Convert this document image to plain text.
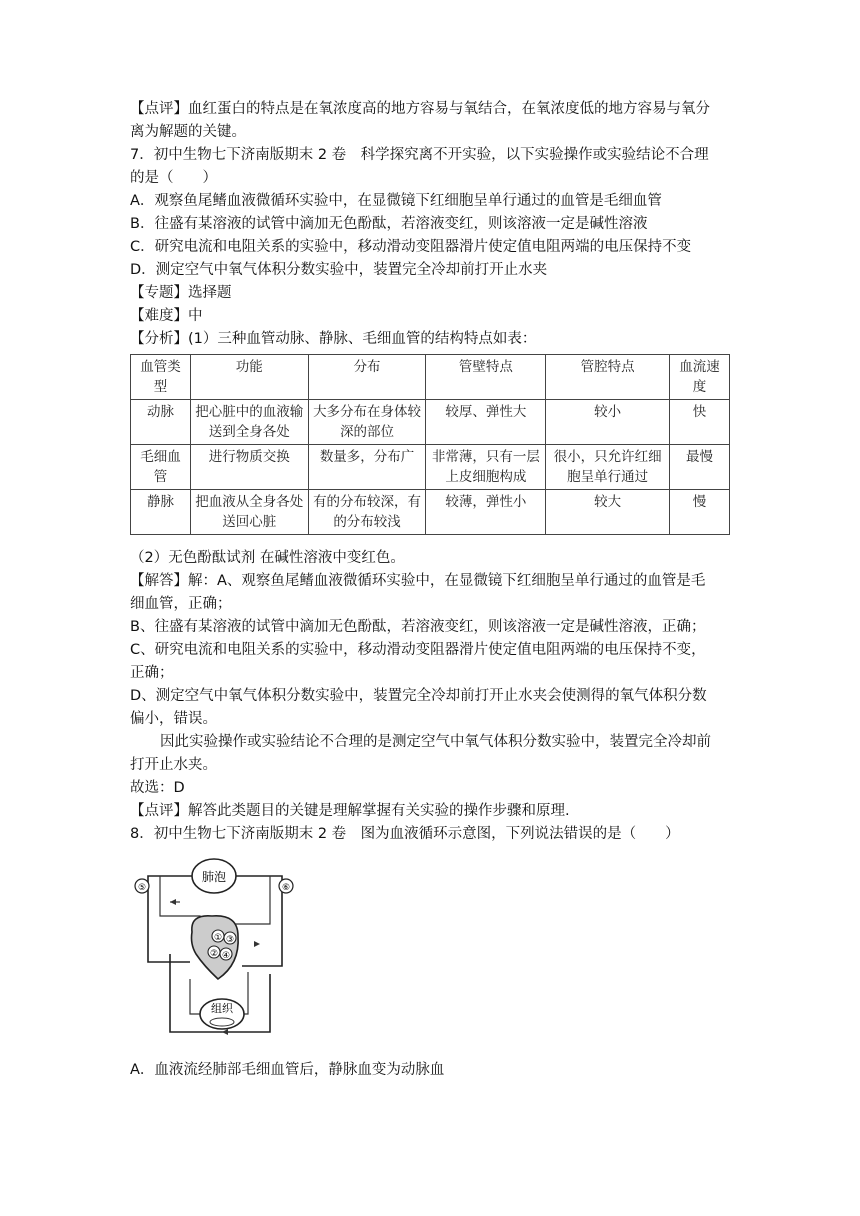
【点评】血红蛋白的特点是在氧浓度高的地方容易与氧结合，在氧浓度低的地方容易与氧分
离为解题的关键。
7．初中生物七下济南版期末 2 卷　科学探究离不开实验，以下实验操作或实验结论不合理
的是（　　）
A．观察鱼尾鳍血液微循环实验中，在显微镜下红细胞呈单行通过的血管是毛细血管
B．往盛有某溶液的试管中滴加无色酚酞，若溶液变红，则该溶液一定是碱性溶液
C．研究电流和电阻关系的实验中，移动滑动变阻器滑片使定值电阻两端的电压保持不变
D．测定空气中氧气体积分数实验中，装置完全冷却前打开止水夹
【专题】选择题
【难度】中
【分析】(1）三种血管动脉、静脉、毛细血管的结构特点如表：
血管类型	功能	分布	管壁特点	管腔特点	血流速度
动脉	把心脏中的血液输送到全身各处	大多分布在身体较深的部位	较厚、弹性大	较小	快
毛细血管	进行物质交换	数量多，分布广	非常薄，只有一层上皮细胞构成	很小，只允许红细胞呈单行通过	最慢
静脉	把血液从全身各处送回心脏	有的分布较深，有的分布较浅	较薄，弹性小	较大	慢
（2）无色酚酞试剂 在碱性溶液中变红色。
【解答】解：A、观察鱼尾鳍血液微循环实验中，在显微镜下红细胞呈单行通过的血管是毛
细血管，正确；
B、往盛有某溶液的试管中滴加无色酚酞，若溶液变红，则该溶液一定是碱性溶液，正确；
C、研究电流和电阻关系的实验中，移动滑动变阻器滑片使定值电阻两端的电压保持不变，
正确；
D、测定空气中氧气体积分数实验中，装置完全冷却前打开止水夹会使测得的氧气体积分数
偏小，错误。
因此实验操作或实验结论不合理的是测定空气中氧气体积分数实验中，装置完全冷却前
打开止水夹。
故选：D
【点评】解答此类题目的关键是理解掌握有关实验的操作步骤和原理.
8．初中生物七下济南版期末 2 卷　图为血液循环示意图，下列说法错误的是（　　）
肺泡
①
②
③
④
⑤	⑥
组织
A．血液流经肺部毛细血管后，静脉血变为动脉血
